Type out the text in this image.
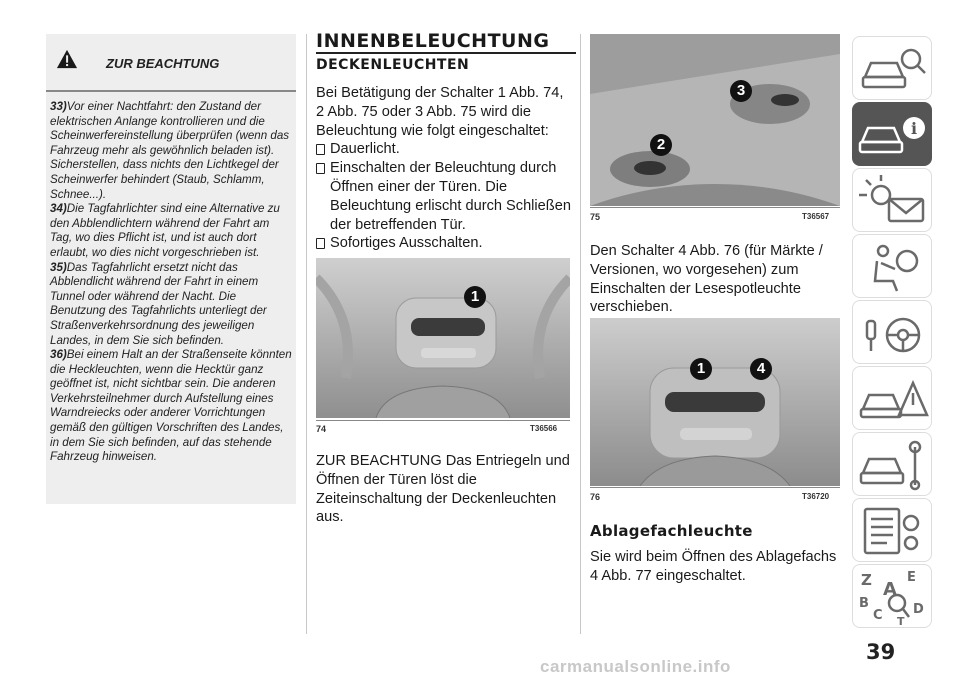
ZUR BEACHTUNG

33)Vor einer Nachtfahrt: den Zustand der elektrischen Anlange kontrollieren und die Scheinwerfereinstellung überprüfen (wenn das Fahrzeug mehr als gewöhnlich beladen ist). Sicherstellen, dass nichts den Lichtkegel der Scheinwerfer behindert (Staub, Schlamm, Schnee...).

34)Die Tagfahrlichter sind eine Alternative zu den Abblendlichtern während der Fahrt am Tag, wo dies Pflicht ist, und ist auch dort erlaubt, wo dies nicht vorgeschrieben ist.

35)Das Tagfahrlicht ersetzt nicht das Abblendlicht während der Fahrt in einem Tunnel oder während der Nacht. Die Benutzung des Tagfahrlichts unterliegt der Straßenverkehrsordnung des jeweiligen Landes, in dem Sie sich befinden.

36)Bei einem Halt an der Straßenseite könnten die Heckleuchten, wenn die Hecktür ganz geöffnet ist, nicht sichtbar sein. Die anderen Verkehrsteilnehmer durch Aufstellung eines Warndreiecks oder anderer Vorrichtungen gemäß den gültigen Vorschriften des Landes, in dem Sie sich befinden, auf das stehende Fahrzeug hinweisen.

INNENBELEUCHTUNG
DECKENLEUCHTEN
Bei Betätigung der Schalter 1 Abb. 74, 2 Abb. 75 oder 3 Abb. 75 wird die Beleuchtung wie folgt eingeschaltet:
Dauerlicht.
Einschalten der Beleuchtung durch Öffnen einer der Türen. Die Beleuchtung erlischt durch Schließen der betreffenden Tür.
Sofortiges Ausschalten.
1
74	T36566
ZUR BEACHTUNG Das Entriegeln und Öffnen der Türen löst die Zeiteinschaltung der Deckenleuchten aus.
2
3
75	T36567
Den Schalter 4 Abb. 76 (für Märkte / Versionen, wo vorgesehen) zum Einschalten der Lesespotleuchte verschieben.
1	4
76	T36720
Ablagefachleuchte
Sie wird beim Öffnen des Ablagefachs 4 Abb. 77 eingeschaltet.
i
Z	E
A
B
C D
T
39
carmanualsonline.info
